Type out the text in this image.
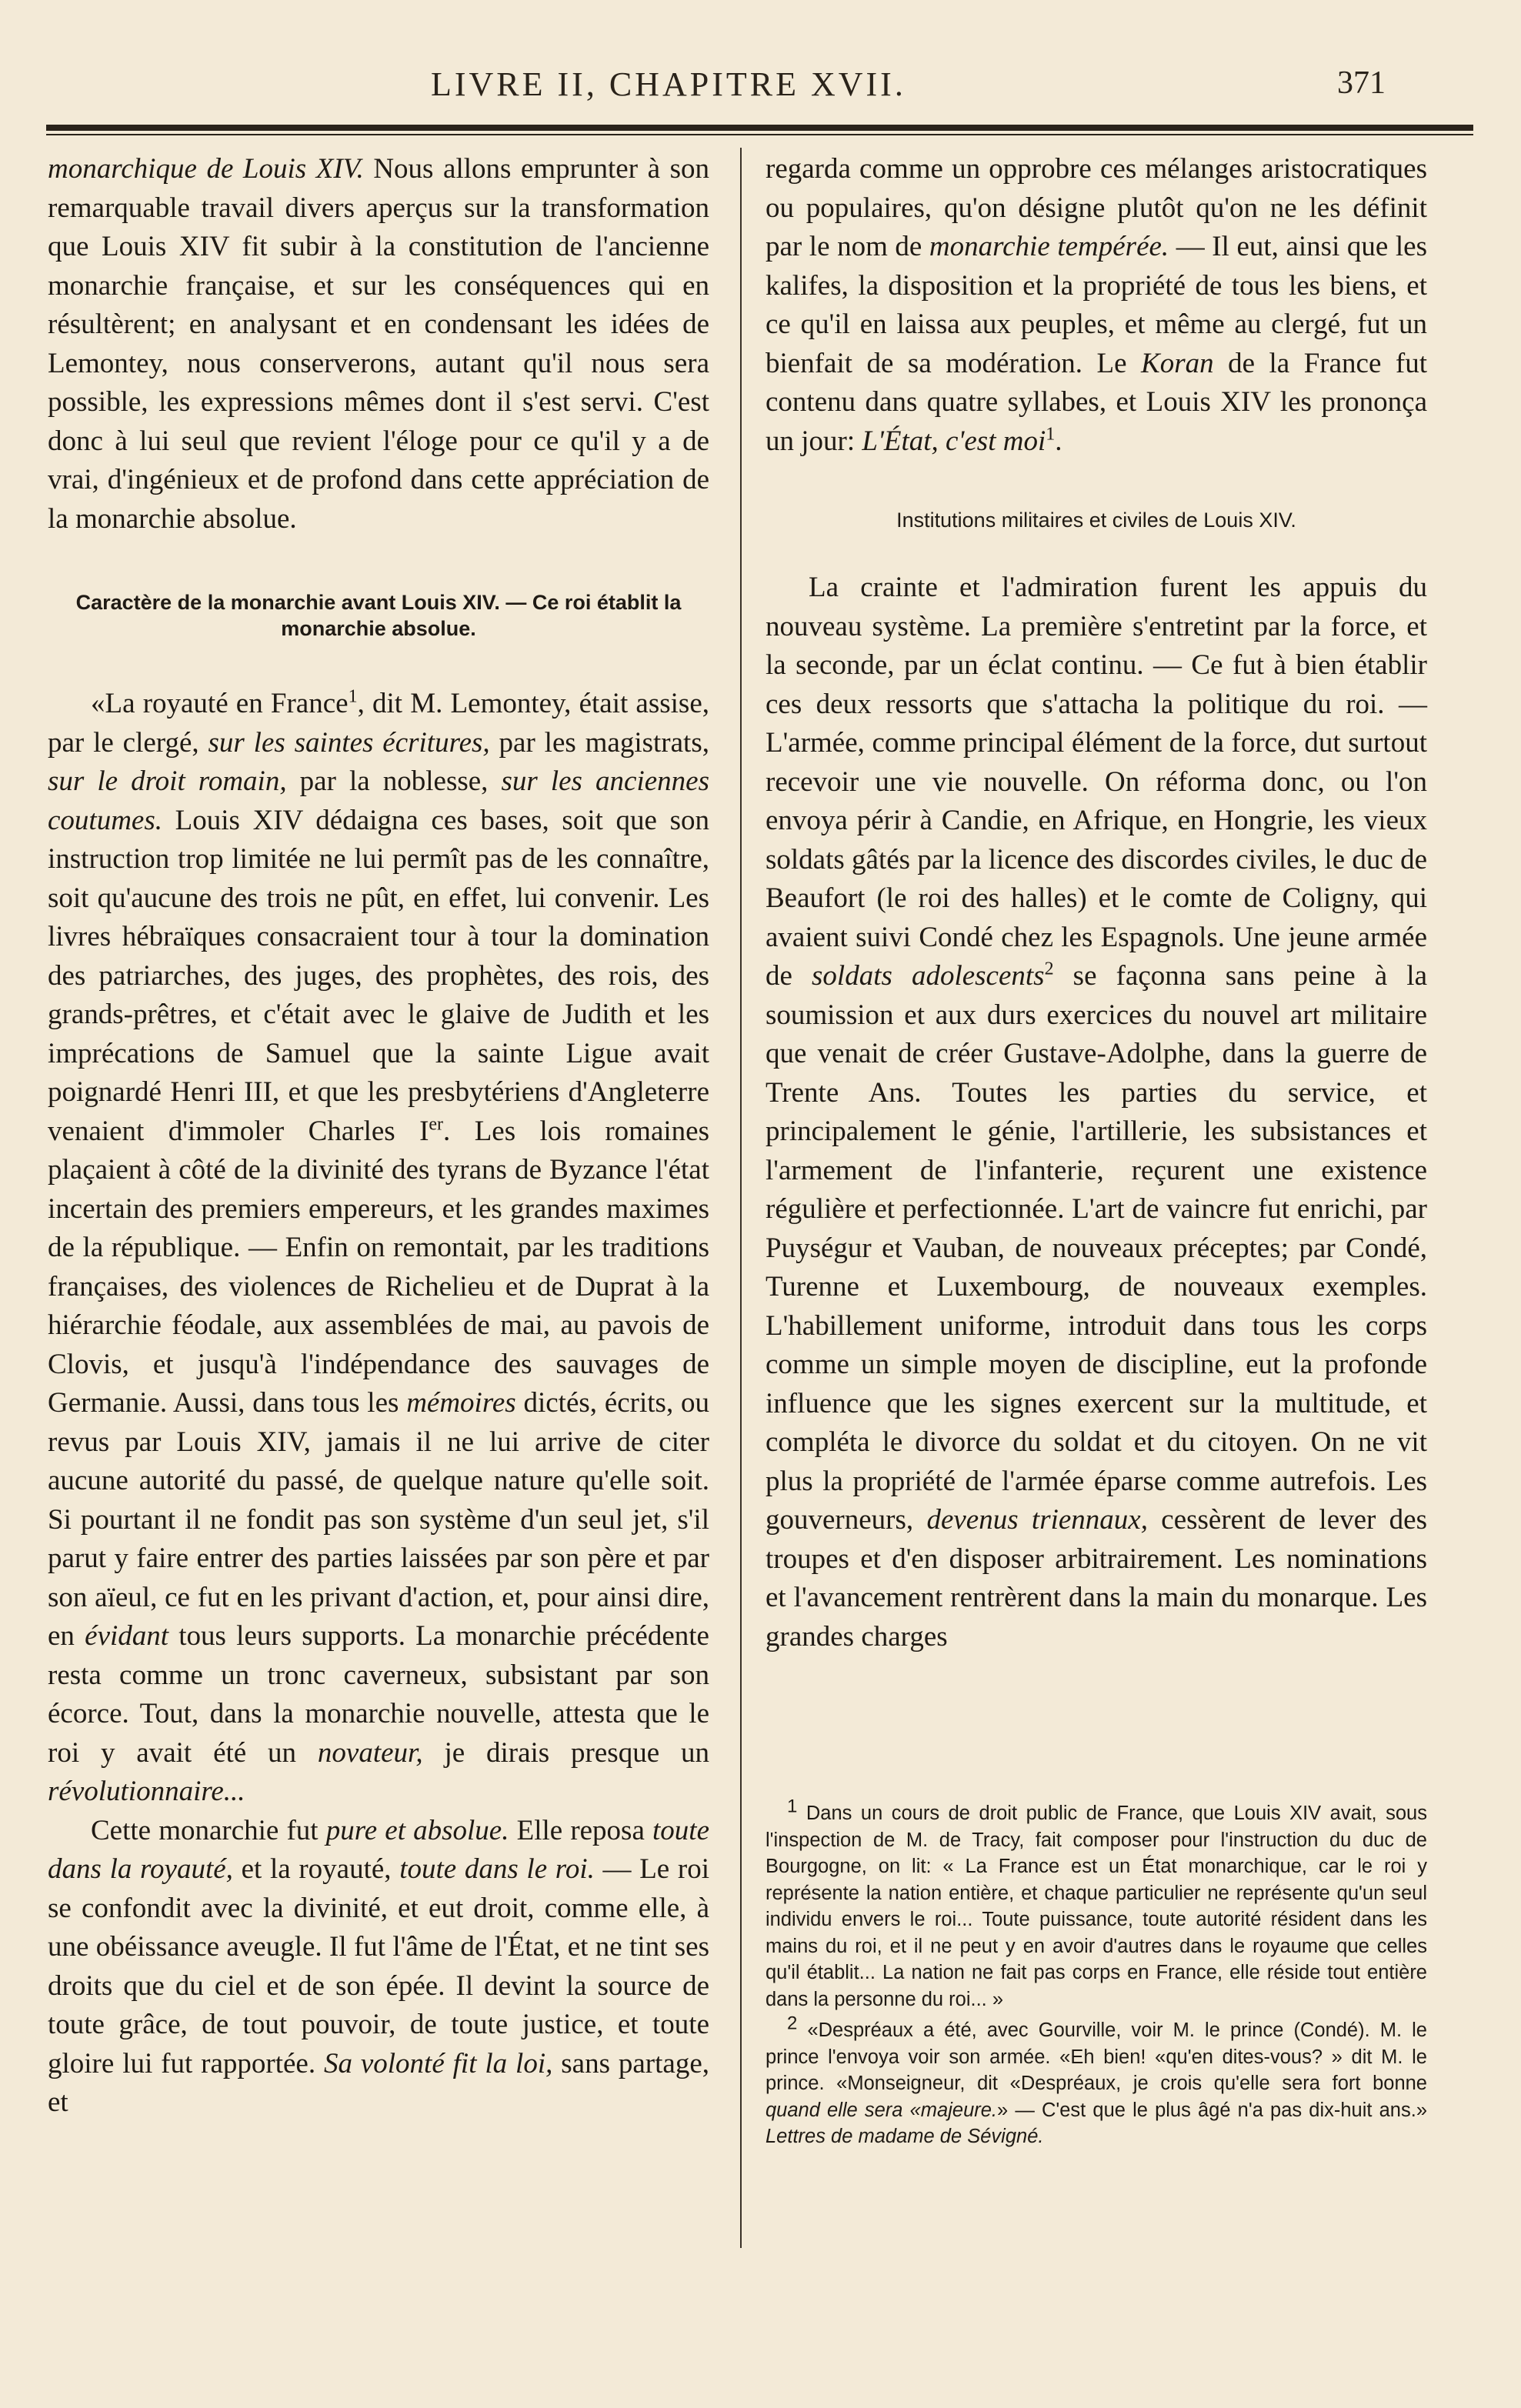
LIVRE II, CHAPITRE XVII.	371

monarchique de Louis XIV. Nous allons emprunter à son remarquable travail divers aperçus sur la transformation que Louis XIV fit subir à la constitution de l'ancienne monarchie française, et sur les conséquences qui en résultèrent; en analysant et en condensant les idées de Lemontey, nous conserverons, autant qu'il nous sera possible, les expressions mêmes dont il s'est servi. C'est donc à lui seul que revient l'éloge pour ce qu'il y a de vrai, d'ingénieux et de profond dans cette appréciation de la monarchie absolue.

Caractère de la monarchie avant Louis XIV. — Ce roi établit la monarchie absolue.

«La royauté en France$^1$, dit M. Lemontey, était assise, par le clergé, sur les saintes écritures, par les magistrats, sur le droit romain, par la noblesse, sur les anciennes coutumes. Louis XIV dédaigna ces bases, soit que son instruction trop limitée ne lui permît pas de les connaître, soit qu'aucune des trois ne pût, en effet, lui convenir. Les livres hébraïques consacraient tour à tour la domination des patriarches, des juges, des prophètes, des rois, des grands-prêtres, et c'était avec le glaive de Judith et les imprécations de Samuel que la sainte Ligue avait poignardé Henri III, et que les presbytériens d'Angleterre venaient d'immoler Charles Ier. Les lois romaines plaçaient à côté de la divinité des tyrans de Byzance l'état incertain des premiers empereurs, et les grandes maximes de la république. — Enfin on remontait, par les traditions françaises, des violences de Richelieu et de Duprat à la hiérarchie féodale, aux assemblées de mai, au pavois de Clovis, et jusqu'à l'indépendance des sauvages de Germanie. Aussi, dans tous les mémoires dictés, écrits, ou revus par Louis XIV, jamais il ne lui arrive de citer aucune autorité du passé, de quelque nature qu'elle soit. Si pourtant il ne fondit pas son système d'un seul jet, s'il parut y faire entrer des parties laissées par son père et par son aïeul, ce fut en les privant d'action, et, pour ainsi dire, en évidant tous leurs supports. La monarchie précédente resta comme un tronc caverneux, subsistant par son écorce. Tout, dans la monarchie nouvelle, attesta que le roi y avait été un novateur, je dirais presque un révolutionnaire...

Cette monarchie fut pure et absolue. Elle reposa toute dans la royauté, et la royauté, toute dans le roi. — Le roi se confondit avec la divinité, et eut droit, comme elle, à une obéissance aveugle. Il fut l'âme de l'État, et ne tint ses droits que du ciel et de son épée. Il devint la source de toute grâce, de tout pouvoir, de toute justice, et toute gloire lui fut rapportée. Sa volonté fit la loi, sans partage, et

regarda comme un opprobre ces mélanges aristocratiques ou populaires, qu'on désigne plutôt qu'on ne les définit par le nom de monarchie tempérée. — Il eut, ainsi que les kalifes, la disposition et la propriété de tous les biens, et ce qu'il en laissa aux peuples, et même au clergé, fut un bienfait de sa modération. Le Koran de la France fut contenu dans quatre syllabes, et Louis XIV les prononça un jour: L'État, c'est moi$^1$.

Institutions militaires et civiles de Louis XIV.

La crainte et l'admiration furent les appuis du nouveau système. La première s'entretint par la force, et la seconde, par un éclat continu. — Ce fut à bien établir ces deux ressorts que s'attacha la politique du roi. — L'armée, comme principal élément de la force, dut surtout recevoir une vie nouvelle. On réforma donc, ou l'on envoya périr à Candie, en Afrique, en Hongrie, les vieux soldats gâtés par la licence des discordes civiles, le duc de Beaufort (le roi des halles) et le comte de Coligny, qui avaient suivi Condé chez les Espagnols. Une jeune armée de soldats adolescents$^2$ se façonna sans peine à la soumission et aux durs exercices du nouvel art militaire que venait de créer Gustave-Adolphe, dans la guerre de Trente Ans. Toutes les parties du service, et principalement le génie, l'artillerie, les subsistances et l'armement de l'infanterie, reçurent une existence régulière et perfectionnée. L'art de vaincre fut enrichi, par Puységur et Vauban, de nouveaux préceptes; par Condé, Turenne et Luxembourg, de nouveaux exemples. L'habillement uniforme, introduit dans tous les corps comme un simple moyen de discipline, eut la profonde influence que les signes exercent sur la multitude, et compléta le divorce du soldat et du citoyen. On ne vit plus la propriété de l'armée éparse comme autrefois. Les gouverneurs, devenus triennaux, cessèrent de lever des troupes et d'en disposer arbitrairement. Les nominations et l'avancement rentrèrent dans la main du monarque. Les grandes charges

$^1$ Dans un cours de droit public de France, que Louis XIV avait, sous l'inspection de M. de Tracy, fait composer pour l'instruction du duc de Bourgogne, on lit: « La France est un État monarchique, car le roi y représente la nation entière, et chaque particulier ne représente qu'un seul individu envers le roi... Toute puissance, toute autorité résident dans les mains du roi, et il ne peut y en avoir d'autres dans le royaume que celles qu'il établit... La nation ne fait pas corps en France, elle réside tout entière dans la personne du roi... »

$^2$ «Despréaux a été, avec Gourville, voir M. le prince (Condé). M. le prince l'envoya voir son armée. «Eh bien! «qu'en dites-vous? » dit M. le prince. «Monseigneur, dit «Despréaux, je crois qu'elle sera fort bonne quand elle sera «majeure.» — C'est que le plus âgé n'a pas dix-huit ans.» Lettres de madame de Sévigné.
